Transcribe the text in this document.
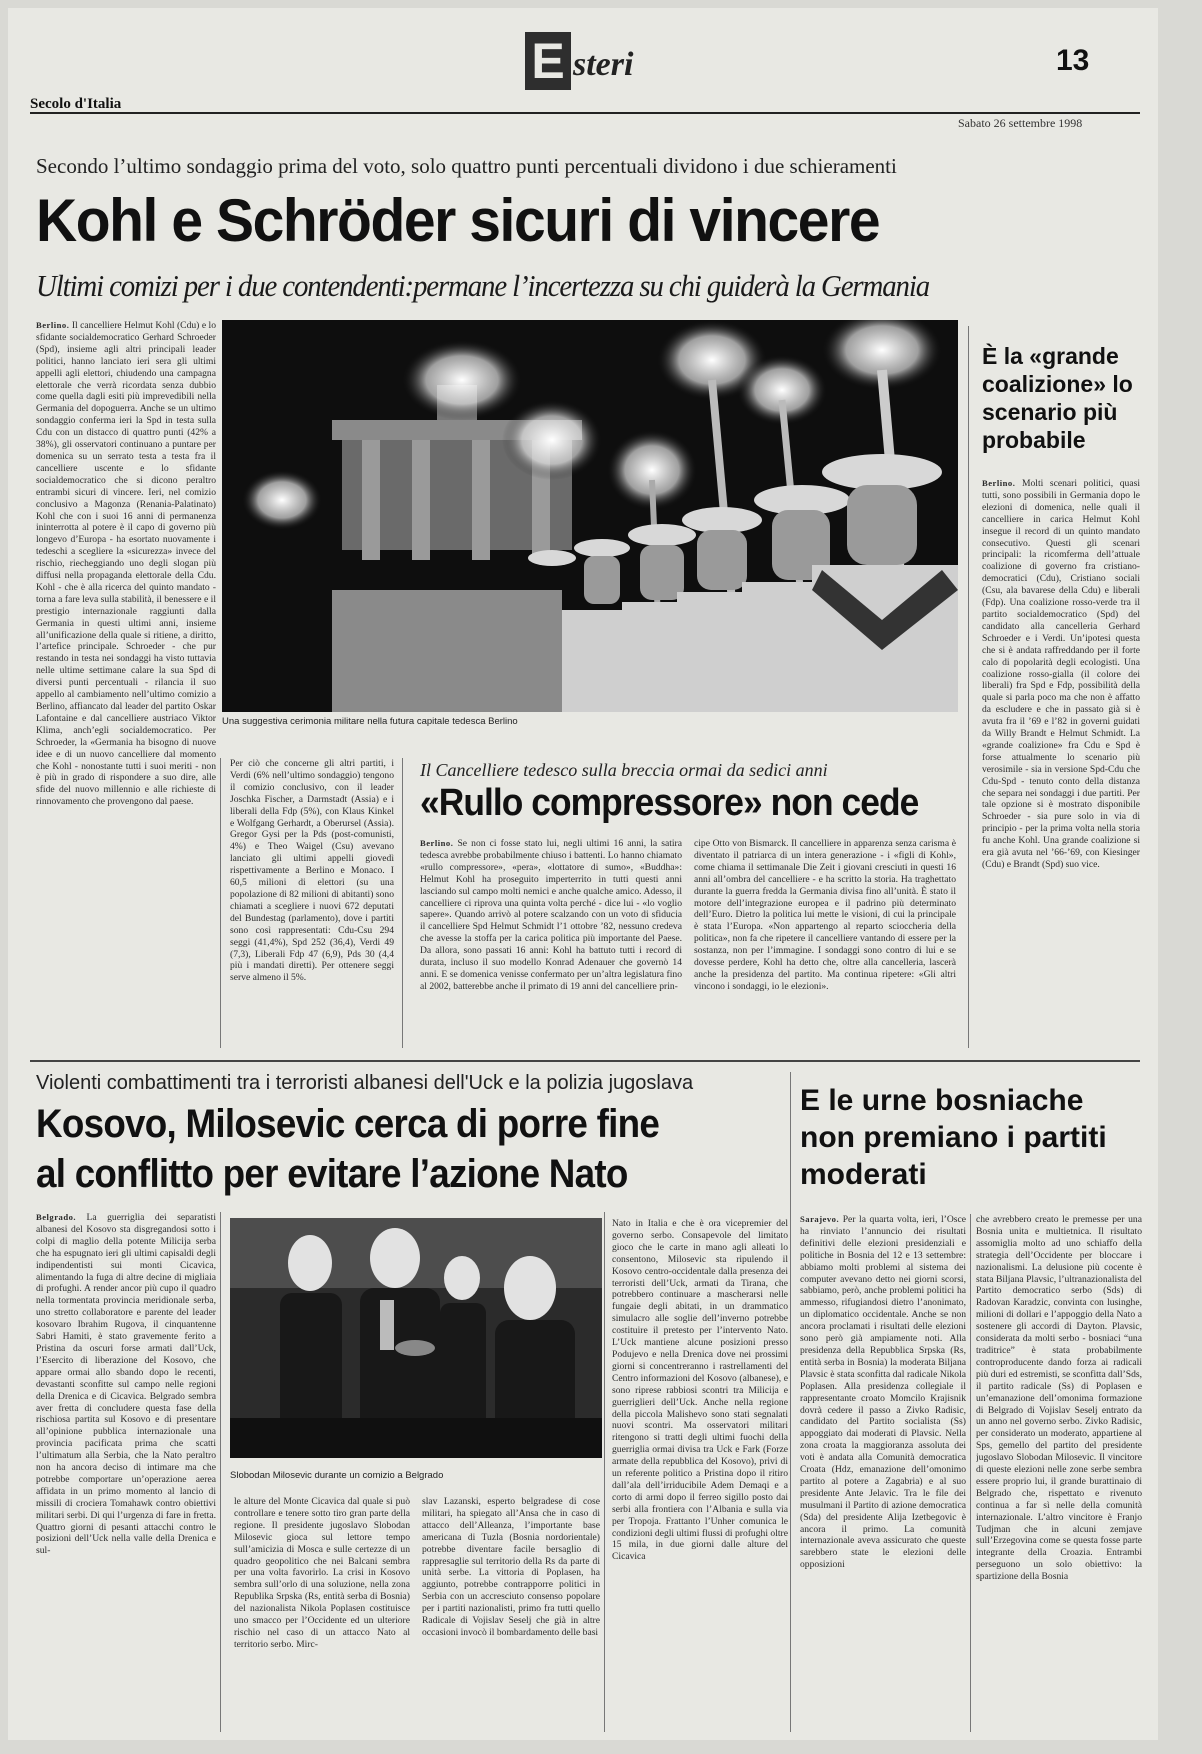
E steri	13
Secolo d'Italia
Sabato 26 settembre 1998
Secondo l’ultimo sondaggio prima del voto, solo quattro punti percentuali dividono i due schieramenti
Kohl e Schröder sicuri di vincere
Ultimi comizi per i due contendenti:permane l’incertezza su chi guiderà la Germania

Berlino. Il cancelliere Helmut Kohl (Cdu) e lo sfidante socialdemocratico Gerhard Schroeder (Spd), insieme agli altri principali leader politici, hanno lanciato ieri sera gli ultimi appelli agli elettori, chiudendo una campagna elettorale che verrà ricordata senza dubbio come quella dagli esiti più imprevedibili nella Germania del dopoguerra. Anche se un ultimo sondaggio conferma ieri la Spd in testa sulla Cdu con un distacco di quattro punti (42% a 38%), gli osservatori continuano a puntare per domenica su un serrato testa a testa fra il cancelliere uscente e lo sfidante socialdemocratico che si dicono peraltro entrambi sicuri di vincere. Ieri, nel comizio conclusivo a Magonza (Renania-Palatinato) Kohl che con i suoi 16 anni di permanenza ininterrotta al potere è il capo di governo più longevo d’Europa - ha esortato nuovamente i tedeschi a scegliere la «sicurezza» invece del rischio, riecheggiando uno degli slogan più diffusi nella propaganda elettorale della Cdu. Kohl - che è alla ricerca del quinto mandato - torna a fare leva sulla stabilità, il benessere e il prestigio internazionale raggiunti dalla Germania in questi ultimi anni, insieme all’unificazione della quale si ritiene, a diritto, l’artefice principale. Schroeder - che pur restando in testa nei sondaggi ha visto tuttavia nelle ultime settimane calare la sua Spd di diversi punti percentuali - rilancia il suo appello al cambiamento nell’ultimo comizio a Berlino, affiancato dal leader del partito Oskar Lafontaine e dal cancelliere austriaco Viktor Klima, anch’egli socialdemocratico. Per Schroeder, la «Germania ha bisogno di nuove idee e di un nuovo cancelliere dal momento che Kohl - nonostante tutti i suoi meriti - non è più in grado di rispondere a suo dire, alle sfide del nuovo millennio e alle richieste di rinnovamento che provengono dal paese.

Una suggestiva cerimonia militare nella futura capitale tedesca Berlino

Per ciò che concerne gli altri partiti, i Verdi (6% nell’ultimo sondaggio) tengono il comizio conclusivo, con il leader Joschka Fischer, a Darmstadt (Assia) e i liberali della Fdp (5%), con Klaus Kinkel e Wolfgang Gerhardt, a Oberursel (Assia). Gregor Gysi per la Pds (post-comunisti, 4%) e Theo Waigel (Csu) avevano lanciato gli ultimi appelli giovedì rispettivamente a Berlino e Monaco. I 60,5 milioni di elettori (su una popolazione di 82 milioni di abitanti) sono chiamati a scegliere i nuovi 672 deputati del Bundestag (parlamento), dove i partiti sono così rappresentati: Cdu-Csu 294 seggi (41,4%), Spd 252 (36,4), Verdi 49 (7,3), Liberali Fdp 47 (6,9), Pds 30 (4,4 più i mandati diretti). Per ottenere seggi serve almeno il 5%.

Il Cancelliere tedesco sulla breccia ormai da sedici anni
«Rullo compressore» non cede

Berlino. Se non ci fosse stato lui, negli ultimi 16 anni, la satira tedesca avrebbe probabilmente chiuso i battenti. Lo hanno chiamato «rullo compressore», «pera», «lottatore di sumo», «Buddha»: Helmut Kohl ha proseguito imperterrito in tutti questi anni lasciando sul campo molti nemici e anche qualche amico. Adesso, il cancelliere ci riprova una quinta volta perché - dice lui - «lo voglio sapere». Quando arrivò al potere scalzando con un voto di sfiducia il cancelliere Spd Helmut Schmidt l’1 ottobre ’82, nessuno credeva che avesse la stoffa per la carica politica più importante del Paese. Da allora, sono passati 16 anni: Kohl ha battuto tutti i record di durata, incluso il suo modello Konrad Adenauer che governò 14 anni. E se domenica venisse confermato per un’altra legislatura fino al 2002, batterebbe anche il primato di 19 anni del cancelliere prin-

cipe Otto von Bismarck. Il cancelliere in apparenza senza carisma è diventato il patriarca di un intera generazione - i «figli di Kohl», come chiama il settimanale Die Zeit i giovani cresciuti in questi 16 anni all’ombra del cancelliere - e ha scritto la storia. Ha traghettato durante la guerra fredda la Germania divisa fino all’unità. È stato il motore dell’integrazione europea e il padrino più determinato dell’Euro. Dietro la politica lui mette le visioni, di cui la principale è stata l’Europa. «Non appartengo al reparto scioccheria della politica», non fa che ripetere il cancelliere vantando di essere per la sostanza, non per l’immagine. I sondaggi sono contro di lui e se dovesse perdere, Kohl ha detto che, oltre alla cancelleria, lascerà anche la presidenza del partito. Ma continua ripetere: «Gli altri vincono i sondaggi, io le elezioni».

È la «grande coalizione» lo scenario più probabile

Berlino. Molti scenari politici, quasi tutti, sono possibili in Germania dopo le elezioni di domenica, nelle quali il cancelliere in carica Helmut Kohl insegue il record di un quinto mandato consecutivo. Questi gli scenari principali: la ricomferma dell’attuale coalizione di governo fra cristiano-democratici (Cdu), Cristiano sociali (Csu, ala bavarese della Cdu) e liberali (Fdp). Una coalizione rosso-verde tra il partito socialdemocratico (Spd) del candidato alla cancelleria Gerhard Schroeder e i Verdi. Un’ipotesi questa che si è andata raffreddando per il forte calo di popolarità degli ecologisti. Una coalizione rosso-gialla (il colore dei liberali) fra Spd e Fdp, possibilità della quale si parla poco ma che non è affatto da escludere e che in passato già si è avuta fra il ’69 e l’82 in governi guidati da Willy Brandt e Helmut Schmidt. La «grande coalizione» fra Cdu e Spd è forse attualmente lo scenario più verosimile - sia in versione Spd-Cdu che Cdu-Spd - tenuto conto della distanza che separa nei sondaggi i due partiti. Per tale opzione si è mostrato disponibile Schroeder - sia pure solo in via di principio - per la prima volta nella storia fu anche Kohl. Una grande coalizione si era già avuta nel ’66-’69, con Kiesinger (Cdu) e Brandt (Spd) suo vice.

Violenti combattimenti tra i terroristi albanesi dell'Uck e la polizia jugoslava
Kosovo, Milosevic cerca di porre fine
al conflitto per evitare l’azione Nato

Belgrado. La guerriglia dei separatisti albanesi del Kosovo sta disgregandosi sotto i colpi di maglio della potente Milicija serba che ha espugnato ieri gli ultimi capisaldi degli indipendentisti sui monti Cicavica, alimentando la fuga di altre decine di migliaia di profughi. A render ancor più cupo il quadro nella tormentata provincia meridionale serba, uno stretto collaboratore e parente del leader kosovaro Ibrahim Rugova, il cinquantenne Sabri Hamiti, è stato gravemente ferito a Pristina da oscuri forse armati dall’Uck, l’Esercito di liberazione del Kosovo, che appare ormai allo sbando dopo le recenti, devastanti sconfitte sul campo nelle regioni della Drenica e di Cicavica. Belgrado sembra aver fretta di concludere questa fase della rischiosa partita sul Kosovo e di presentare all’opinione pubblica internazionale una provincia pacificata prima che scatti l’ultimatum alla Serbia, che la Nato peraltro non ha ancora deciso di intimare ma che potrebbe comportare un’operazione aerea affidata in un primo momento al lancio di missili di crociera Tomahawk contro obiettivi militari serbi. Di qui l’urgenza di fare in fretta. Quattro giorni di pesanti attacchi contro le posizioni dell’Uck nella valle della Drenica e sul-

Slobodan Milosevic durante un comizio a Belgrado

le alture del Monte Cicavica dal quale si può controllare e tenere sotto tiro gran parte della regione. Il presidente jugoslavo Slobodan Milosevic gioca sul lettore tempo sull’amicizia di Mosca e sulle certezze di un quadro geopolitico che nei Balcani sembra per una volta favorirlo. La crisi in Kosovo sembra sull’orlo di una soluzione, nella zona Republika Srpska (Rs, entità serba di Bosnia) del nazionalista Nikola Poplasen costituisce uno smacco per l’Occidente ed un ulteriore rischio nel caso di un attacco Nato al territorio serbo. Mirc-

slav Lazanski, esperto belgradese di cose militari, ha spiegato all’Ansa che in caso di attacco dell’Alleanza, l’importante base americana di Tuzla (Bosnia nordorientale) potrebbe diventare facile bersaglio di rappresaglie sul territorio della Rs da parte di unità serbe. La vittoria di Poplasen, ha aggiunto, potrebbe contrapporre politici in Serbia con un accresciuto consenso popolare per i partiti nazionalisti, primo fra tutti quello Radicale di Vojislav Seselj che già in altre occasioni invocò il bombardamento delle basi

Nato in Italia e che è ora vicepremier del governo serbo. Consapevole del limitato gioco che le carte in mano agli alleati lo consentono, Milosevic sta ripulendo il Kosovo centro-occidentale dalla presenza dei terroristi dell’Uck, armati da Tirana, che potrebbero continuare a mascherarsi nelle fungaie degli abitati, in un drammatico simulacro alle soglie dell’inverno potrebbe costituire il pretesto per l’intervento Nato. L’Uck mantiene alcune posizioni presso Podujevo e nella Drenica dove nei prossimi giorni si concentreranno i rastrellamenti del Centro informazioni del Kosovo (albanese), e sono riprese rabbiosi scontri tra Milicija e guerriglieri dell’Uck. Anche nella regione della piccola Malishevo sono stati segnalati nuovi scontri. Ma osservatori militari ritengono si tratti degli ultimi fuochi della guerriglia ormai divisa tra Uck e Fark (Forze armate della repubblica del Kosovo), privi di un referente politico a Pristina dopo il ritiro dall’ala dell’irriducibile Adem Demaqi e a corto di armi dopo il ferreo sigillo posto dai serbi alla frontiera con l’Albania e sulla via per Tropoja. Frattanto l’Unher comunica le condizioni degli ultimi flussi di profughi oltre 15 mila, in due giorni dalle alture del Cicavica

E le urne bosniache non premiano i partiti moderati

Sarajevo. Per la quarta volta, ieri, l’Osce ha rinviato l’annuncio dei risultati definitivi delle elezioni presidenziali e politiche in Bosnia del 12 e 13 settembre: abbiamo molti problemi al sistema dei computer avevano detto nei giorni scorsi, sabbiamo, però, anche problemi politici ha ammesso, rifugiandosi dietro l’anonimato, un diplomatico occidentale. Anche se non ancora proclamati i risultati delle elezioni sono però già ampiamente noti. Alla presidenza della Repubblica Srpska (Rs, entità serba in Bosnia) la moderata Biljana Plavsic è stata sconfitta dal radicale Nikola Poplasen. Alla presidenza collegiale il rappresentante croato Momcilo Krajisnik dovrà cedere il passo a Zivko Radisic, candidato del Partito socialista (Ss) appoggiato dai moderati di Plavsic. Nella zona croata la maggioranza assoluta dei voti è andata alla Comunità democratica Croata (Hdz, emanazione dell’omonimo partito al potere a Zagabria) e al suo presidente Ante Jelavic. Tra le file dei musulmani il Partito di azione democratica (Sda) del presidente Alija Izetbegovic è ancora il primo. La comunità internazionale aveva assicurato che queste sarebbero state le elezioni delle opposizioni

che avrebbero creato le premesse per una Bosnia unita e multietnica. Il risultato assomiglia molto ad uno schiaffo della strategia dell’Occidente per bloccare i nazionalismi. La delusione più cocente è stata Biljana Plavsic, l’ultranazionalista del Partito democratico serbo (Sds) di Radovan Karadzic, convinta con lusinghe, milioni di dollari e l’appoggio della Nato a sostenere gli accordi di Dayton. Plavsic, considerata da molti serbo - bosniaci “una traditrice” è stata probabilmente controproducente dando forza ai radicali più duri ed estremisti, se sconfitta dall’Sds, il partito radicale (Ss) di Poplasen e un’emanazione dell’omonima formazione di Belgrado di Vojislav Seselj entrato da un anno nel governo serbo. Zivko Radisic, per considerato un moderato, appartiene al Sps, gemello del partito del presidente jugoslavo Slobodan Milosevic. Il vincitore di queste elezioni nelle zone serbe sembra essere proprio lui, il grande burattinaio di Belgrado che, rispettato e rivenuto continua a far sì nelle della comunità internazionale. L’altro vincitore è Franjo Tudjman che in alcuni zemjave sull’Erzegovina come se questa fosse parte integrante della Croazia. Entrambi perseguono un solo obiettivo: la spartizione della Bosnia
